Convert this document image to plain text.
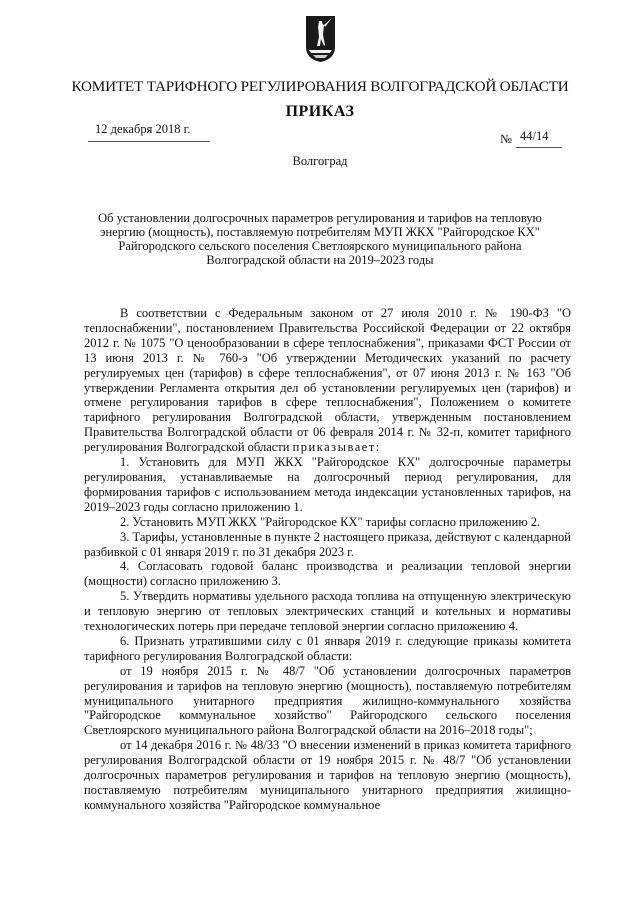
КОМИТЕТ ТАРИФНОГО РЕГУЛИРОВАНИЯ ВОЛГОГРАДСКОЙ ОБЛАСТИ
ПРИКАЗ
12 декабря 2018 г.
№ 44/14
Волгоград
Об установлении долгосрочных параметров регулирования и тарифов на тепловую
энергию (мощность), поставляемую потребителям МУП ЖКХ "Райгородское КХ"
Райгородского сельского поселения Светлоярского муниципального района
Волгоградской области на 2019–2023 годы

В соответствии с Федеральным законом от 27 июля 2010 г. № 190-ФЗ "О теплоснабжении", постановлением Правительства Российской Федерации от 22 октября 2012 г. № 1075 "О ценообразовании в сфере теплоснабжения", приказами ФСТ России от 13 июня 2013 г. № 760-э "Об утверждении Методических указаний по расчету регулируемых цен (тарифов) в сфере теплоснабжения", от 07 июня 2013 г. № 163 "Об утверждении Регламента открытия дел об установлении регулируемых цен (тарифов) и отмене регулирования тарифов в сфере теплоснабжения", Положением о комитете тарифного регулирования Волгоградской области, утвержденным постановлением Правительства Волгоградской области от 06 февраля 2014 г. № 32-п, комитет тарифного регулирования Волгоградской области приказывает:

1. Установить для МУП ЖКХ "Райгородское КХ" долгосрочные параметры регулирования, устанавливаемые на долгосрочный период регулирования, для формирования тарифов с использованием метода индексации установленных тарифов, на 2019–2023 годы согласно приложению 1.

2. Установить МУП ЖКХ "Райгородское КХ" тарифы согласно приложению 2.

3. Тарифы, установленные в пункте 2 настоящего приказа, действуют с календарной разбивкой с 01 января 2019 г. по 31 декабря 2023 г.

4. Согласовать годовой баланс производства и реализации тепловой энергии (мощности) согласно приложению 3.

5. Утвердить нормативы удельного расхода топлива на отпущенную электрическую и тепловую энергию от тепловых электрических станций и котельных и нормативы технологических потерь при передаче тепловой энергии согласно приложению 4.

6. Признать утратившими силу с 01 января 2019 г. следующие приказы комитета тарифного регулирования Волгоградской области:

от 19 ноября 2015 г. № 48/7 "Об установлении долгосрочных параметров регулирования и тарифов на тепловую энергию (мощность), поставляемую потребителям муниципального унитарного предприятия жилищно-коммунального хозяйства "Райгородское коммунальное хозяйство" Райгородского сельского поселения Светлоярского муниципального района Волгоградской области на 2016–2018 годы";

от 14 декабря 2016 г. № 48/33 "О внесении изменений в приказ комитета тарифного регулирования Волгоградской области от 19 ноября 2015 г. № 48/7 "Об установлении долгосрочных параметров регулирования и тарифов на тепловую энергию (мощность), поставляемую потребителям муниципального унитарного предприятия жилищно-коммунального хозяйства "Райгородское коммунальное
